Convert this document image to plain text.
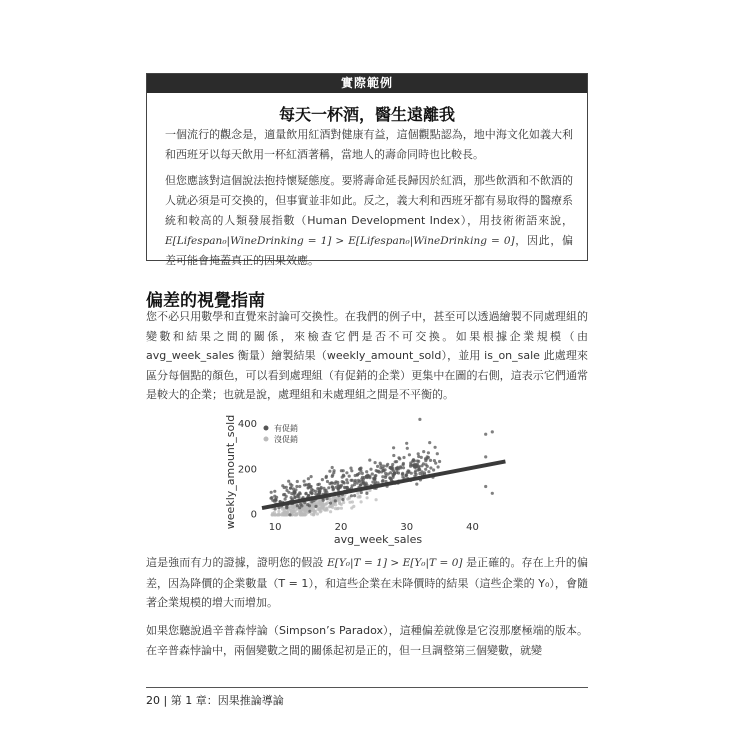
實際範例
每天一杯酒，醫生遠離我

一個流行的觀念是，適量飲用紅酒對健康有益，這個觀點認為，地中海文化如義大利和西班牙以每天飲用一杯紅酒著稱，當地人的壽命同時也比較長。

但您應該對這個說法抱持懷疑態度。要將壽命延長歸因於紅酒，那些飲酒和不飲酒的人就必須是可交換的，但事實並非如此。反之，義大利和西班牙都有易取得的醫療系統和較高的人類發展指數（Human Development Index），用技術術語來說，E[Lifespan₀|WineDrinking = 1] > E[Lifespan₀|WineDrinking = 0]，因此，偏差可能會掩蓋真正的因果效應。

偏差的視覺指南

您不必只用數學和直覺來討論可交換性。在我們的例子中，甚至可以透過繪製不同處理組的變數和結果之間的關係，來檢查它們是否不可交換。如果根據企業規模（由 avg_week_sales 衡量）繪製結果（weekly_amount_sold），並用 is_on_sale 此處理來區分每個點的顏色，可以看到處理組（有促銷的企業）更集中在圖的右側，這表示它們通常是較大的企業；也就是說，處理組和未處理組之間是不平衡的。

weekly_amount_sold
avg_week_sales
10	20	30	40
0
200
400 有促銷
沒促銷

這是強而有力的證據，證明您的假設 E[Y₀|T = 1] > E[Y₀|T = 0] 是正確的。存在上升的偏差，因為降價的企業數量（T = 1），和這些企業在未降價時的結果（這些企業的 Y₀），會隨著企業規模的增大而增加。

如果您聽說過辛普森悖論（Simpson’s Paradox），這種偏差就像是它沒那麼極端的版本。在辛普森悖論中，兩個變數之間的關係起初是正的，但一旦調整第三個變數，就變

20 | 第 1 章：因果推論導論
